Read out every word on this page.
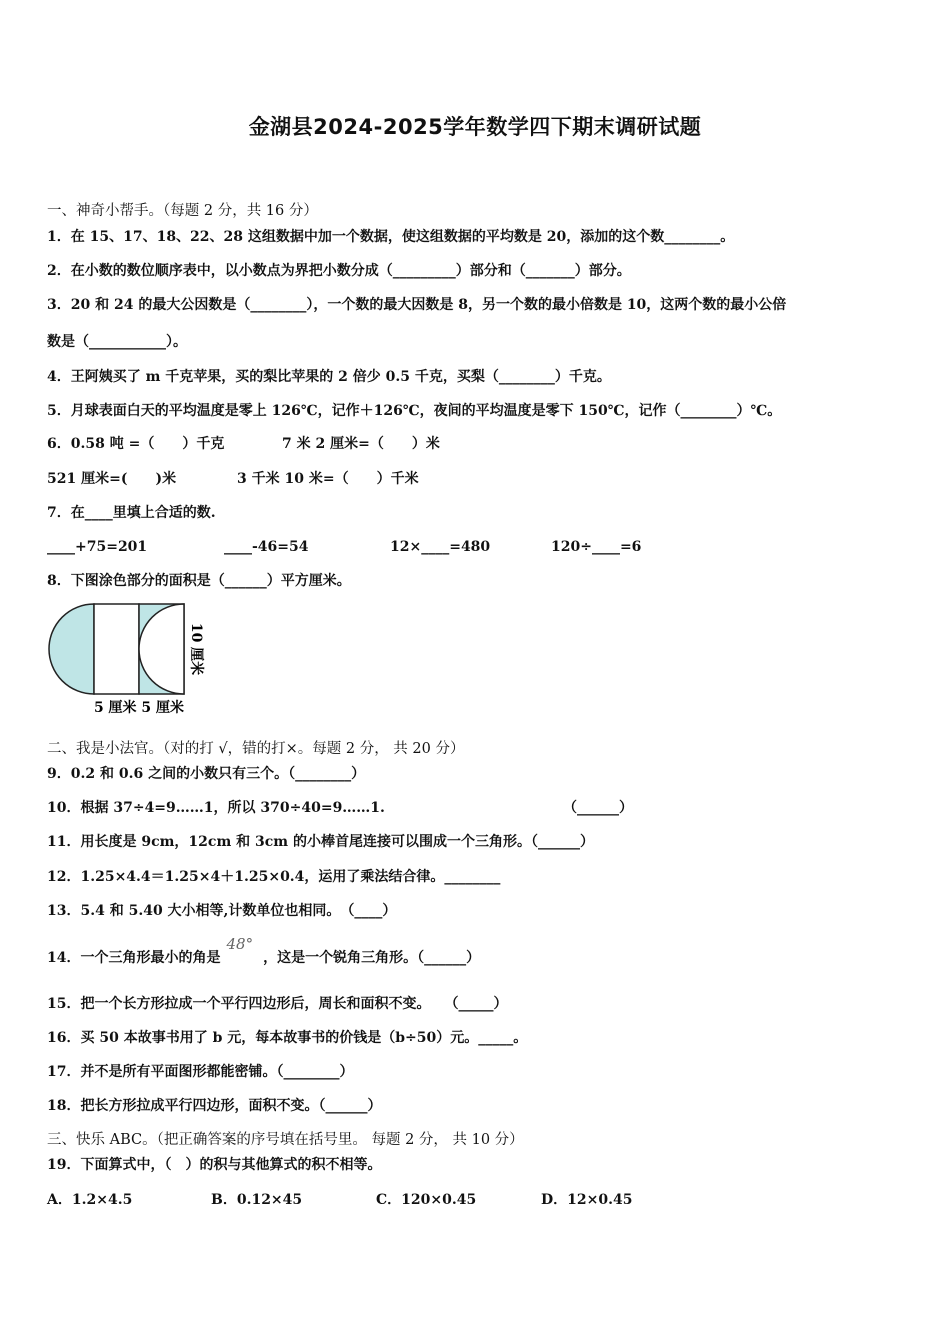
金湖县2024-2025学年数学四下期末调研试题
一、神奇小帮手。（每题 2 分，共 16 分）
1．在 15、17、18、22、28 这组数据中加一个数据，使这组数据的平均数是 20，添加的这个数________。
2．在小数的数位顺序表中，以小数点为界把小数分成（_________）部分和（_______）部分。
3．20 和 24 的最大公因数是（________），一个数的最大因数是 8，另一个数的最小倍数是 10，这两个数的最小公倍
数是（___________）。
4．王阿姨买了 m 千克苹果，买的梨比苹果的 2 倍少 0.5 千克，买梨（________）千克。
5．月球表面白天的平均温度是零上 126℃，记作＋126℃，夜间的平均温度是零下 150℃，记作（________）℃。
6．0.58 吨 =（　　）千克	7 米 2 厘米=（　　）米
521 厘米=(　　)米	3 千米 10 米=（　　）千米
7．在____里填上合适的数.
____+75=201	____-46=54	12×____=480	120÷____=6
8．下图涂色部分的面积是（______）平方厘米。
5 厘米 5 厘米
10 厘米
二、我是小法官。（对的打 √，错的打×。每题 2 分， 共 20 分）
9．0.2 和 0.6 之间的小数只有三个。（________）
10．根据 37÷4=9……1，所以 370÷40=9……1.	（______）
11．用长度是 9cm，12cm 和 3cm 的小棒首尾连接可以围成一个三角形。（______）
12．1.25×4.4＝1.25×4＋1.25×0.4，运用了乘法结合律。________
13．5.4 和 5.40 大小相等,计数单位也相同。　（____）
14．一个三角形最小的角是48°，这是一个锐角三角形。（______）
15．把一个长方形拉成一个平行四边形后，周长和面积不变。　　（_____）
16．买 50 本故事书用了 b 元，每本故事书的价钱是（b÷50）元。_____。
17．并不是所有平面图形都能密铺。（________）
18．把长方形拉成平行四边形，面积不变。（______）
三、快乐 ABC。（把正确答案的序号填在括号里。 每题 2 分， 共 10 分）
19．下面算式中，（　）的积与其他算式的积不相等。
A．1.2×4.5	B．0.12×45	C．120×0.45	D．12×0.45
